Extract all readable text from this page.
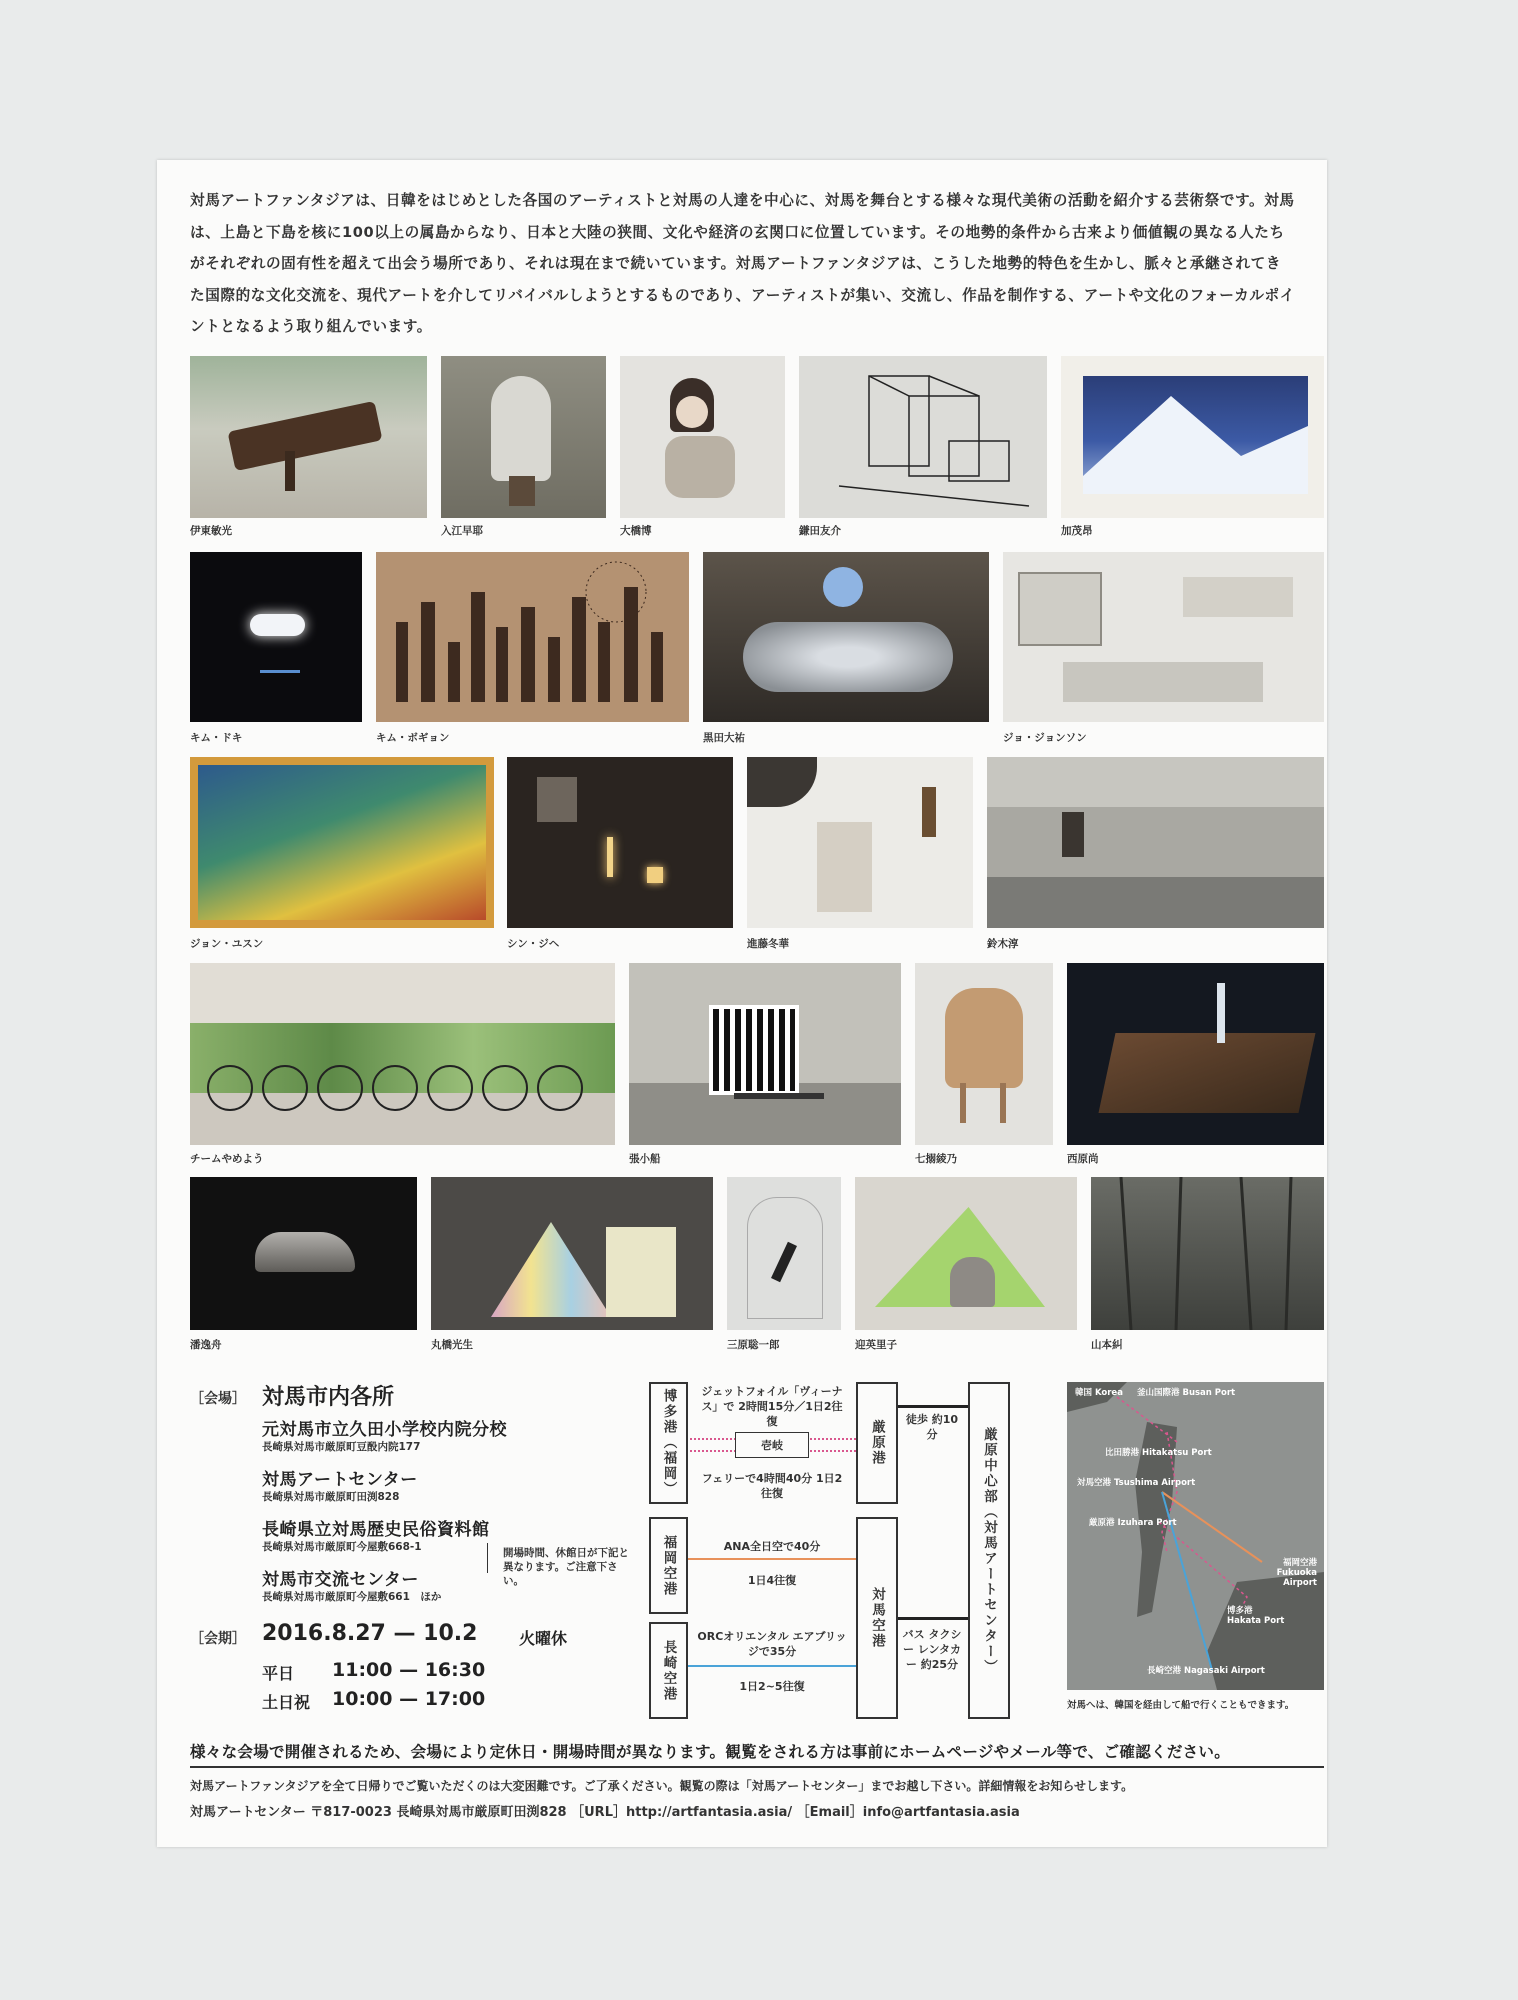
対馬アートファンタジアは、日韓をはじめとした各国のアーティストと対馬の人達を中心に、対馬を舞台とする様々な現代美術の活動を紹介する芸術祭です。対馬は、上島と下島を核に100以上の属島からなり、日本と大陸の狭間、文化や経済の玄関口に位置しています。その地勢的条件から古来より価値観の異なる人たちがそれぞれの固有性を超えて出会う場所であり、それは現在まで続いています。対馬アートファンタジアは、こうした地勢的特色を生かし、脈々と承継されてきた国際的な文化交流を、現代アートを介してリバイバルしようとするものであり、アーティストが集い、交流し、作品を制作する、アートや文化のフォーカルポイントとなるよう取り組んでいます。

伊東敏光	入江早耶	大橋博	鎌田友介	加茂昂
キム・ドキ	キム・ボギョン	黒田大祐	ジョ・ジョンソン
ジョン・ユスン	シン・ジヘ	進藤冬華	鈴木淳
チームやめよう	張小船	七搦綾乃	西原尚
潘逸舟	丸橋光生	三原聡一郎	迎英里子	山本糾
［会場］ 対馬市内各所
元対馬市立久田小学校内院分校
長崎県対馬市厳原町豆酘内院177
対馬アートセンター
長崎県対馬市厳原町田渕828
長崎県立対馬歴史民俗資料館
長崎県対馬市厳原町今屋敷668-1
対馬市交流センター
長崎県対馬市厳原町今屋敷661　ほか
開場時間、休館日が下記と異なります。ご注意下さい。
［会期］ 2016.8.27 — 10.2	火曜休
平日 11:00 — 16:30
土日祝 10:00 — 17:00
博多港（福岡）
福岡空港
長崎空港
厳原港
対馬空港	厳原中心部（対馬アートセンター）
ジェットフォイル「ヴィーナス」で 2時間15分／1日2往復
壱岐
フェリーで4時間40分 1日2往復
徒歩 約10分
ANA全日空で40分
1日4往復
ORCオリエンタル エアブリッジで35分
1日2~5往復
バス タクシー レンタカー 約25分
韓国 Korea 釜山国際港 Busan Port
比田勝港 Hitakatsu Port
対馬空港 Tsushima Airport
厳原港 Izuhara Port
福岡空港 Fukuoka Airport
博多港 Hakata Port
長崎空港 Nagasaki Airport
対馬へは、韓国を経由して船で行くこともできます。
様々な会場で開催されるため、会場により定休日・開場時間が異なります。観覧をされる方は事前にホームページやメール等で、ご確認ください。
対馬アートファンタジアを全て日帰りでご覧いただくのは大変困難です。ご了承ください。観覧の際は「対馬アートセンター」までお越し下さい。詳細情報をお知らせします。
対馬アートセンター 〒817-0023 長崎県対馬市厳原町田渕828 ［URL］http://artfantasia.asia/ ［Email］info@artfantasia.asia
